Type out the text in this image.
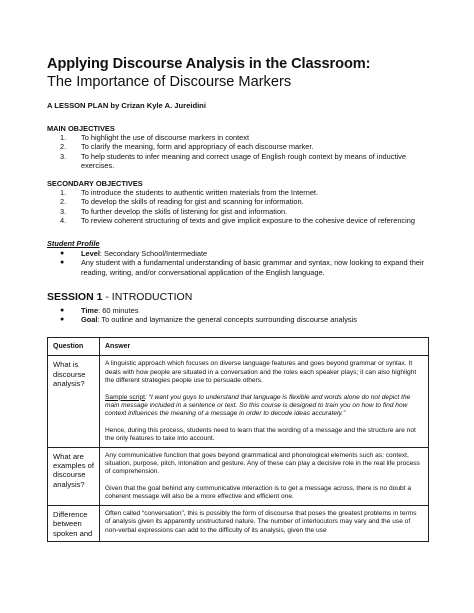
Applying Discourse Analysis in the Classroom:
The Importance of Discourse Markers
A LESSON PLAN by Crizan Kyle A. Jureidini
MAIN OBJECTIVES
1. To highlight the use of discourse markers in context
2. To clarify the meaning, form and appropriacy of each discourse marker.
3. To help students to infer meaning and correct usage of English rough context by means of inductive exercises.
SECONDARY OBJECTIVES
1. To introduce the students to authentic written materials from the Internet.
2. To develop the skills of reading for gist and scanning for information.
3. To further develop the skills of listening for gist and information.
4. To review coherent structuring of texts and give implicit exposure to the cohesive device of referencing
Student Profile
● Level: Secondary School/Intermediate
● Any student with a fundamental understanding of basic grammar and syntax, now looking to expand their reading, writing, and/or conversational application of the English language.
SESSION 1 - INTRODUCTION
● Time: 60 minutes
● Goal: To outline and laymanize the general concepts surrounding discourse analysis
Question	Answer
What is discourse analysis?	A linguistic approach which focuses on diverse language features and goes beyond grammar or syntax. It deals with how people are situated in a conversation and the roles each speaker plays; it can also highlight the different strategies people use to persuade others.

Sample script: “I want you guys to understand that language is flexible and words alone do not depict the main message included in a sentence or text. So this course is designed to train you on how to find how context influences the meaning of a message in order to decode ideas accurately.”

Hence, during this process, students need to learn that the wording of a message and the structure are not the only features to take into account.

What are examples of discourse analysis?	Any communicative function that goes beyond grammatical and phonological elements such as: context, situation, purpose, pitch, intonation and gesture. Any of these can play a decisive role in the real life process of comprehension.

Given that the goal behind any communicative interaction is to get a message across, there is no doubt a coherent message will also be a more effective and efficient one.

Difference between spoken and	Often called “conversation”, this is possibly the form of discourse that poses the greatest problems in terms of analysis given its apparently unstructured nature. The number of interlocutors may vary and the use of non-verbal expressions can add to the difficulty of its analysis, given the use
